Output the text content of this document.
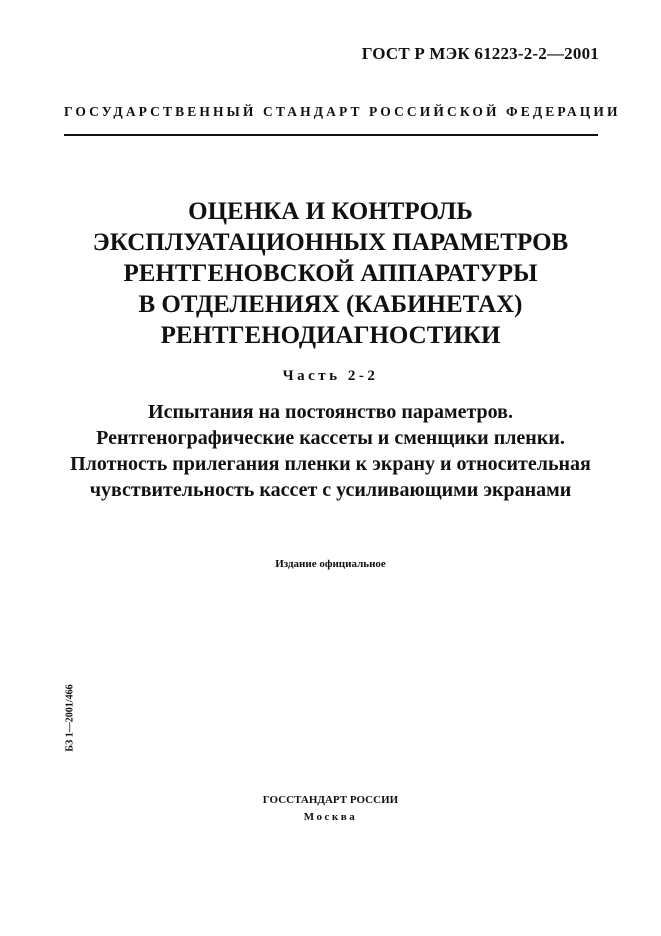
ГОСТ Р МЭК 61223-2-2—2001
ГОСУДАРСТВЕННЫЙ СТАНДАРТ РОССИЙСКОЙ ФЕДЕРАЦИИ
ОЦЕНКА И КОНТРОЛЬ
ЭКСПЛУАТАЦИОННЫХ ПАРАМЕТРОВ
РЕНТГЕНОВСКОЙ АППАРАТУРЫ
В ОТДЕЛЕНИЯХ (КАБИНЕТАХ)
РЕНТГЕНОДИАГНОСТИКИ
Часть 2-2
Испытания на постоянство параметров.
Рентгенографические кассеты и сменщики пленки.
Плотность прилегания пленки к экрану и относительная
чувствительность кассет с усиливающими экранами
Издание официальное
БЗ 1—2001/466
ГОССТАНДАРТ РОССИИ
Москва
